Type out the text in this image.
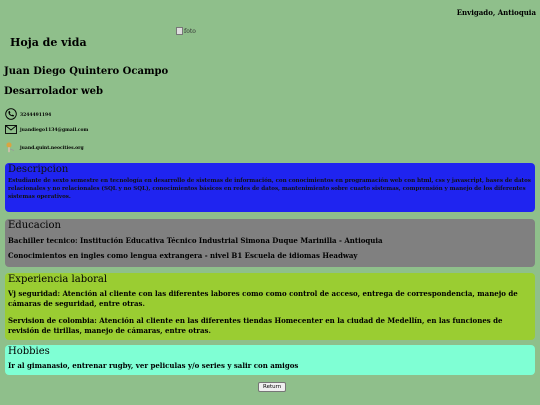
Envigado, Antioquia
Hoja de vida
foto
Juan Diego Quintero Ocampo
Desarrolador web
3244491194
juandiego1134@gmail.com
juand.quint.neocities.org
Descripcion

Estudiante de sexto semestre en tecnología en desarrollo de sistemas de información, con conocimientos en programación web con html, css y javascript, bases de datos relacionales y no relacionales (SQL y no SQL), conocimientos básicos en redes de datos, mantenimiento sobre cuarto sistemas, comprensión y manejo de los diferentes sistemas operativos.

Educacion

Bachiller tecnico: Institución Educativa Técnico Industrial Simona Duque Marinilla - Antioquia

Conocimientos en ingles como lengua extrangera - nivel B1 Escuela de idiomas Headway

Experiencia laboral

Vj seguridad: Atención al cliente con las diferentes labores como como control de acceso, entrega de correspondencia, manejo de cámaras de seguridad, entre otras.

Servision de colombia: Atención al cliente en las diferentes tiendas Homecenter en la ciudad de Medellín, en las funciones de revisión de tirillas, manejo de cámaras, entre otras.

Hobbies

Ir al gimanasio, entrenar rugby, ver peliculas y/o series y salir con amigos

Return
